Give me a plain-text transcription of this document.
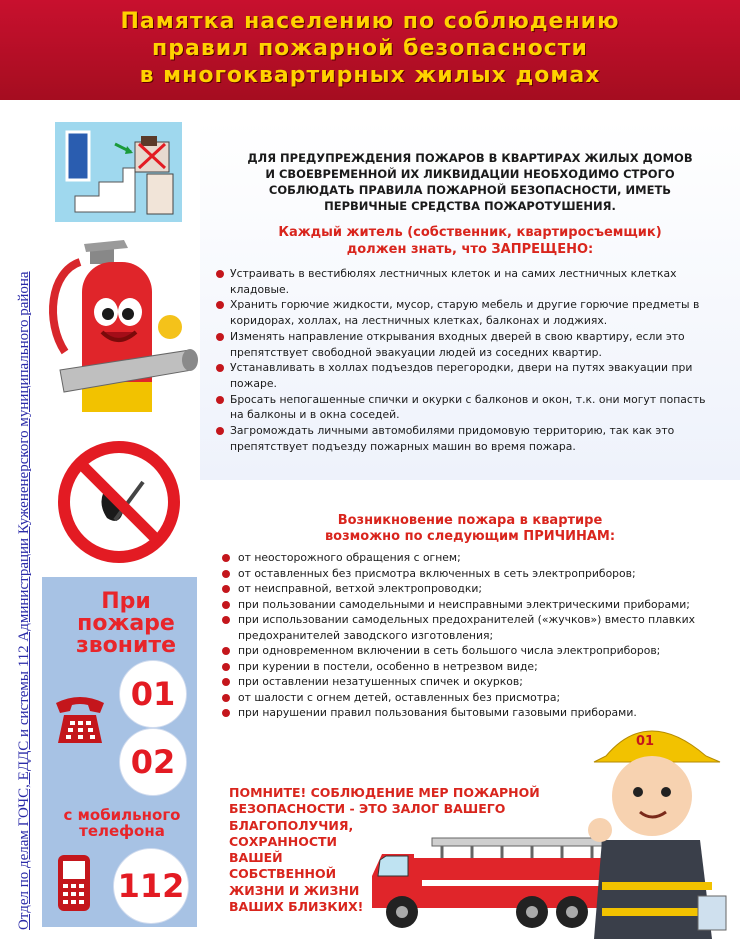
Памятка населению по соблюдению
правил пожарной безопасности
в многоквартирных жилых домах
Отдел по делам ГОЧС, ЕДДС и системы 112 Администрации Кужененерского муниципального района	При
пожаре
звоните
01
02
с мобильного
телефона
112
ДЛЯ ПРЕДУПРЕЖДЕНИЯ ПОЖАРОВ В КВАРТИРАХ ЖИЛЫХ ДОМОВ
И СВОЕВРЕМЕННОЙ ИХ ЛИКВИДАЦИИ НЕОБХОДИМО СТРОГО
СОБЛЮДАТЬ ПРАВИЛА ПОЖАРНОЙ БЕЗОПАСНОСТИ, ИМЕТЬ
ПЕРВИЧНЫЕ СРЕДСТВА ПОЖАРОТУШЕНИЯ.
Каждый житель (собственник, квартиросъемщик)
должен знать, что ЗАПРЕЩЕНО:
Устраивать в вестибюлях лестничных клеток и на самих лестничных клетках кладовые.
Хранить горючие жидкости, мусор, старую мебель и другие горючие предметы в коридорах, холлах, на лестничных клетках, балконах и лоджиях.
Изменять направление открывания входных дверей в свою квартиру, если это препятствует свободной эвакуации людей из соседних квартир.
Устанавливать в холлах подъездов перегородки, двери на путях эвакуации при пожаре.
Бросать непогашенные спички и окурки с балконов и окон, т.к. они могут попасть на балконы и в окна соседей.
Загромождать личными автомобилями придомовую территорию, так как это препятствует подъезду пожарных машин во время пожара.
Возникновение пожара в квартире
возможно по следующим ПРИЧИНАМ:
от неосторожного обращения с огнем;
от оставленных без присмотра включенных в сеть электроприборов;
от неисправной, ветхой электропроводки;
при пользовании самодельными и неисправными электрическими приборами;
при использовании самодельных предохранителей («жучков») вместо плавких предохранителей заводского изготовления;
при одновременном включении в сеть большого числа электроприборов;
при курении в постели, особенно в нетрезвом виде;
при оставлении незатушенных спичек и окурков;
от шалости с огнем детей, оставленных без присмотра;
при нарушении правил пользования бытовыми газовыми приборами.
ПОМНИТЕ! СОБЛЮДЕНИЕ МЕР ПОЖАРНОЙ
БЕЗОПАСНОСТИ - ЭТО ЗАЛОГ ВАШЕГО
БЛАГОПОЛУЧИЯ,
СОХРАННОСТИ
ВАШЕЙ
СОБСТВЕННОЙ
ЖИЗНИ И ЖИЗНИ
ВАШИХ БЛИЗКИХ!
01
